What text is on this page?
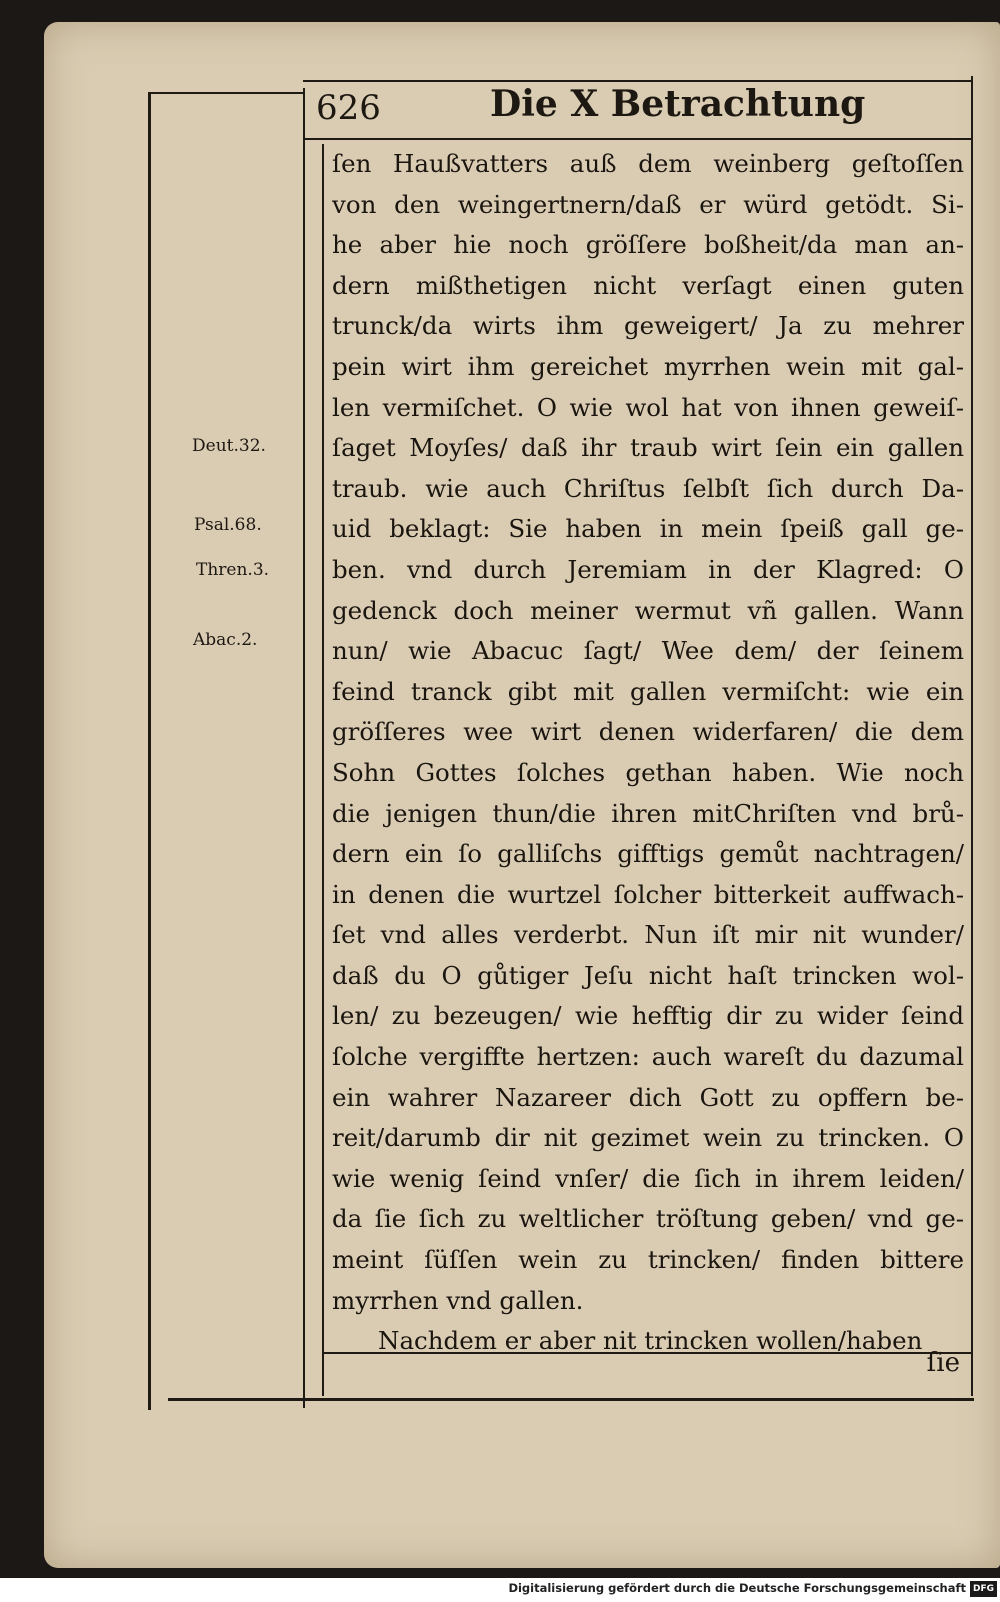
626	Die X Betrachtung
Deut.32.
Psal.68.
Thren.3.
Abac.2.
ſen Haußvatters auß dem weinberg geſtoſſen
von den weingertnern/daß er würd getödt. Si-
he aber hie noch gröſſere boßheit/da man an-
dern mißthetigen nicht verſagt einen guten
trunck/da wirts ihm geweigert/ Ja zu mehrer
pein wirt ihm gereichet myrrhen wein mit gal-
len vermiſchet. O wie wol hat von ihnen geweiſ-
ſaget Moyſes/ daß ihr traub wirt ſein ein gallen
traub. wie auch Chriſtus ſelbſt ſich durch Da-
uid beklagt: Sie haben in mein ſpeiß gall ge-
ben. vnd durch Jeremiam in der Klagred: O
gedenck doch meiner wermut vñ gallen. Wann
nun/ wie Abacuc ſagt/ Wee dem/ der ſeinem
feind tranck gibt mit gallen vermiſcht: wie ein
gröſſeres wee wirt denen widerfaren/ die dem
Sohn Gottes ſolches gethan haben. Wie noch
die jenigen thun/die ihren mitChriſten vnd brů-
dern ein ſo galliſchs gifftigs gemůt nachtragen/
in denen die wurtzel ſolcher bitterkeit auffwach-
ſet vnd alles verderbt. Nun iſt mir nit wunder/
daß du O gůtiger Jeſu nicht haſt trincken wol-
len/ zu bezeugen/ wie hefftig dir zu wider ſeind
ſolche vergiffte hertzen: auch wareſt du dazumal
ein wahrer Nazareer dich Gott zu opffern be-
reit/darumb dir nit gezimet wein zu trincken. O
wie wenig ſeind vnſer/ die ſich in ihrem leiden/
da ſie ſich zu weltlicher tröſtung geben/ vnd ge-
meint ſüſſen wein zu trincken/ finden bittere
myrrhen vnd gallen.
Nachdem er aber nit trincken wollen/haben
ſie
Digitalisierung gefördert durch die Deutsche Forschungsgemeinschaft DFG
